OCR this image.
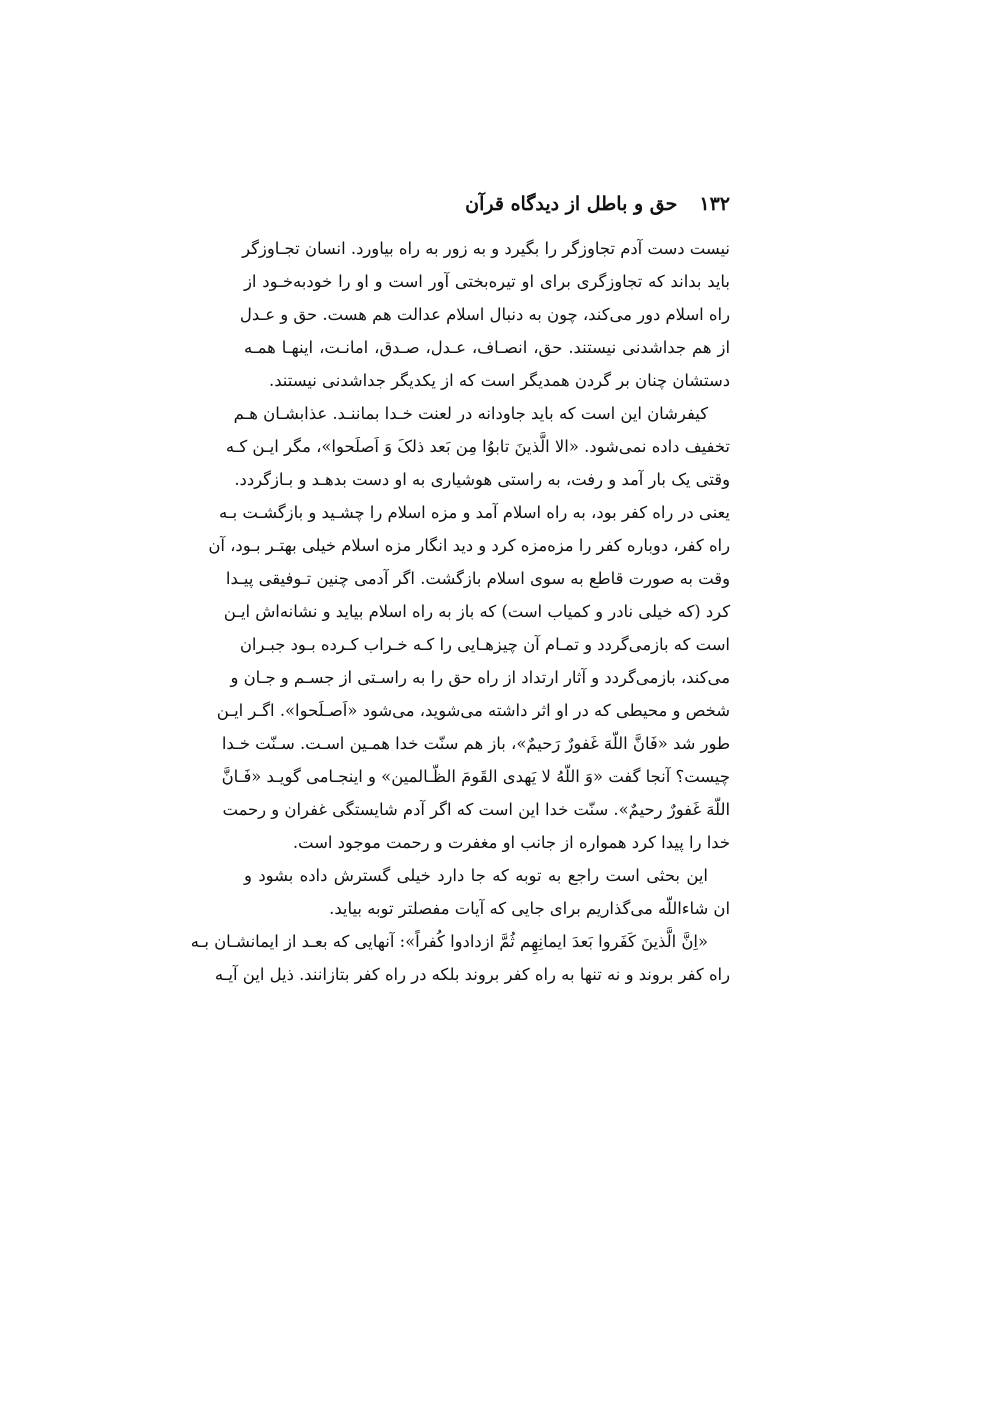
۱۳۲
حق و باطل از دیدگاه قرآن
نیست دست آدم تجاوزگر را بگیرد و به زور به راه بیاورد. انسان تجـاوزگر
باید بداند که تجاوزگری برای او تیره‌بختی آور است و او را خودبه‌خـود از
راه اسلام دور می‌کند، چون به دنبال اسلام عدالت هم هست. حق و عـدل
از هم جداشدنی نیستند. حق، انصـاف، عـدل، صـدق، امانـت، اینهـا همـه
دستشان چنان بر گردن همدیگر است که از یکدیگر جداشدنی نیستند.
کیفرشان این است که باید جاودانه در لعنت خـدا بماننـد. عذابشـان هـم
تخفیف داده نمی‌شود. «الا الَّذینَ تابوُا مِن بَعد ذلکَ وَ اَصلَحوا»، مگر ایـن کـه
وقتی یک بار آمد و رفت، به راستی هوشیاری به او دست بدهـد و بـازگردد.
یعنی در راه کفر بود، به راه اسلام آمد و مزه اسلام را چشـید و بازگشـت بـه
راه کفر، دوباره کفر را مزه‌مزه کرد و دید انگار مزه اسلام خیلی بهتـر بـود، آن
وقت به صورت قاطع به سوی اسلام بازگشت. اگر آدمی چنین تـوفیقی پیـدا
کرد (که خیلی نادر و کمیاب است) که باز به راه اسلام بیاید و نشانه‌اش ایـن
است که بازمی‌گردد و تمـام آن چیزهـایی را کـه خـراب کـرده بـود جبـران
می‌کند، بازمی‌گردد و آثار ارتداد از راه حق را به راسـتی از جسـم و جـان و
شخص و محیطی که در او اثر داشته می‌شوید، می‌شود «اَصـلَحوا». اگـر ایـن
طور شد «فَانَّ اللّهَ غَفورٌ رَحیمٌ»، باز هم سنّت خدا همـین اسـت. سـنّت خـدا
چیست؟ آنجا گفت «وَ اللّهُ لا یَهدی القَومَ الظّـالمین» و اینجـامی گویـد «فَـانَّ
اللّهَ غَفورٌ رحیمٌ». سنّت خدا این است که اگر آدم شایستگی غفران و رحمت
خدا را پیدا کرد همواره از جانب او مغفرت و رحمت موجود است.
این بحثی است راجع به توبه که جا دارد خیلی گسترش داده بشود و
ان شاءاللّه می‌گذاریم برای جایی که آیات مفصلتر توبه بیاید.
«اِنَّ الَّذینَ کَفَروا بَعدَ ایمانِهِم ثُمَّ ازدادوا کُفراً»: آنهایی که بعـد از ایمانشـان بـه
راه کفر بروند و نه تنها به راه کفر بروند بلکه در راه کفر بتازانند. ذیل این آیـه
